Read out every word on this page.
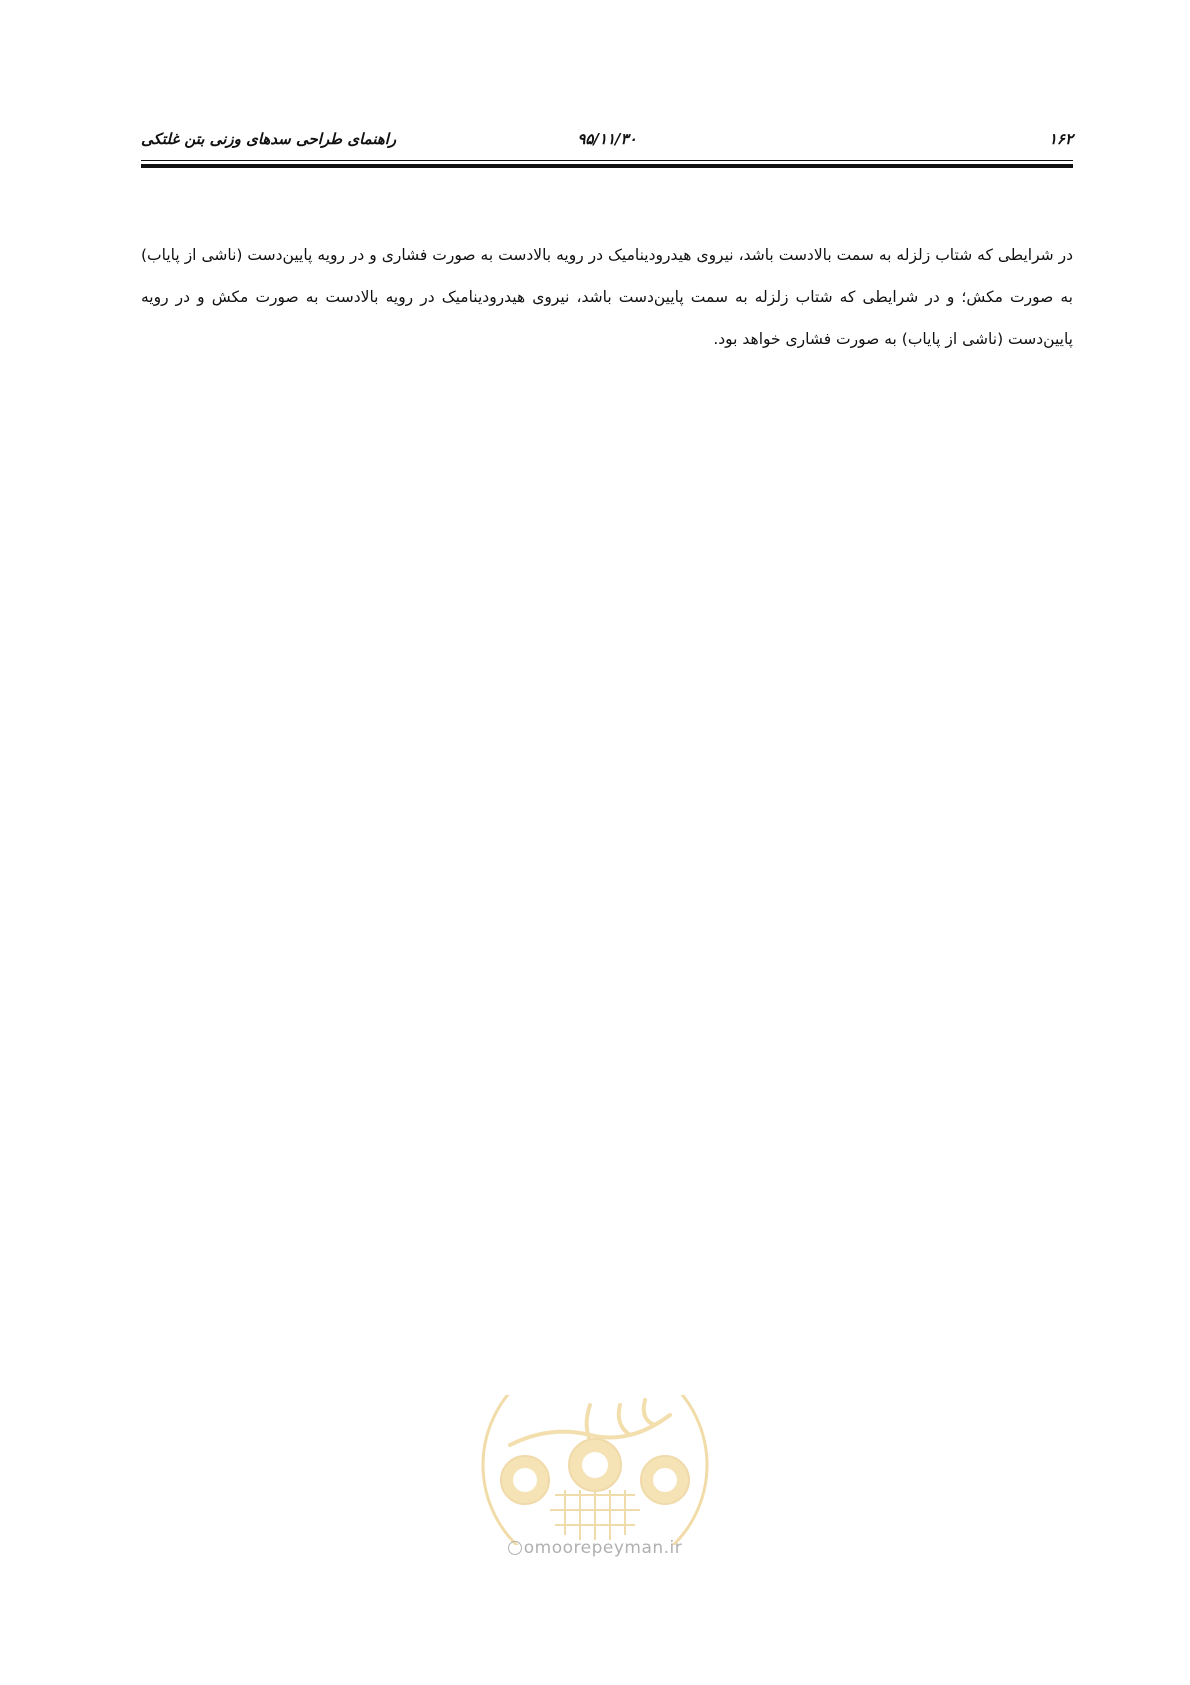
۱۶۲
۹۵/۱۱/۳۰
راهنمای طراحی سدهای وزنی بتن غلتکی

در شرایطی که شتاب زلزله به سمت بالادست باشد، نیروی هیدرودینامیک در رویه بالادست به صورت فشاری و در رویه پایین‌دست (ناشی از پایاب) به صورت مکش؛ و در شرایطی که شتاب زلزله به سمت پایین‌دست باشد، نیروی هیدرودینامیک در رویه بالادست به صورت مکش و در رویه پایین‌دست (ناشی از پایاب) به صورت فشاری خواهد بود.

omoorepeyman.ir
